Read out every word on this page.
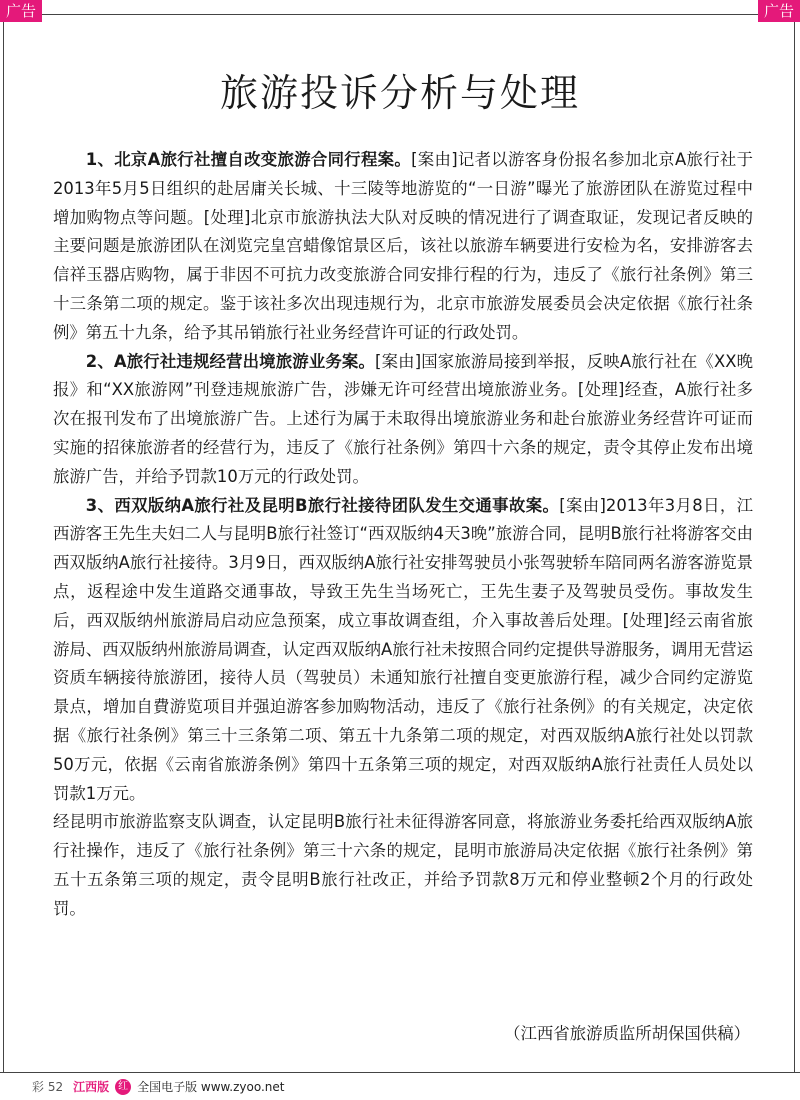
广告	广告
旅游投诉分析与处理

1、北京A旅行社擅自改变旅游合同行程案。[案由]记者以游客身份报名参加北京A旅行社于2013年5月5日组织的赴居庸关长城、十三陵等地游览的“一日游”曝光了旅游团队在游览过程中增加购物点等问题。[处理]北京市旅游执法大队对反映的情况进行了调查取证，发现记者反映的主要问题是旅游团队在浏览完皇宫蜡像馆景区后，该社以旅游车辆要进行安检为名，安排游客去信祥玉器店购物，属于非因不可抗力改变旅游合同安排行程的行为，违反了《旅行社条例》第三十三条第二项的规定。鉴于该社多次出现违规行为，北京市旅游发展委员会决定依据《旅行社条例》第五十九条，给予其吊销旅行社业务经营许可证的行政处罚。

2、A旅行社违规经营出境旅游业务案。[案由]国家旅游局接到举报，反映A旅行社在《XX晚报》和“XX旅游网”刊登违规旅游广告，涉嫌无许可经营出境旅游业务。[处理]经查，A旅行社多次在报刊发布了出境旅游广告。上述行为属于未取得出境旅游业务和赴台旅游业务经营许可证而实施的招徕旅游者的经营行为，违反了《旅行社条例》第四十六条的规定，责令其停止发布出境旅游广告，并给予罚款10万元的行政处罚。

3、西双版纳A旅行社及昆明B旅行社接待团队发生交通事故案。[案由]2013年3月8日，江西游客王先生夫妇二人与昆明B旅行社签订“西双版纳4天3晚”旅游合同，昆明B旅行社将游客交由西双版纳A旅行社接待。3月9日，西双版纳A旅行社安排驾驶员小张驾驶轿车陪同两名游客游览景点，返程途中发生道路交通事故，导致王先生当场死亡，王先生妻子及驾驶员受伤。事故发生后，西双版纳州旅游局启动应急预案，成立事故调查组，介入事故善后处理。[处理]经云南省旅游局、西双版纳州旅游局调查，认定西双版纳A旅行社未按照合同约定提供导游服务，调用无营运资质车辆接待旅游团，接待人员（驾驶员）未通知旅行社擅自变更旅游行程，减少合同约定游览景点，增加自費游览项目并强迫游客参加购物活动，违反了《旅行社条例》的有关规定，决定依据《旅行社条例》第三十三条第二项、第五十九条第二项的规定，对西双版纳A旅行社处以罚款50万元，依据《云南省旅游条例》第四十五条第三项的规定，对西双版纳A旅行社责任人员处以罚款1万元。

经昆明市旅游监察支队调查，认定昆明B旅行社未征得游客同意，将旅游业务委托给西双版纳A旅行社操作，违反了《旅行社条例》第三十六条的规定，昆明市旅游局决定依据《旅行社条例》第五十五条第三项的规定，责令昆明B旅行社改正，并给予罚款8万元和停业整顿2个月的行政处罚。

（江西省旅游质监所胡保国供稿）
彩 52 江西版 红 全国电子版 www.zyoo.net
